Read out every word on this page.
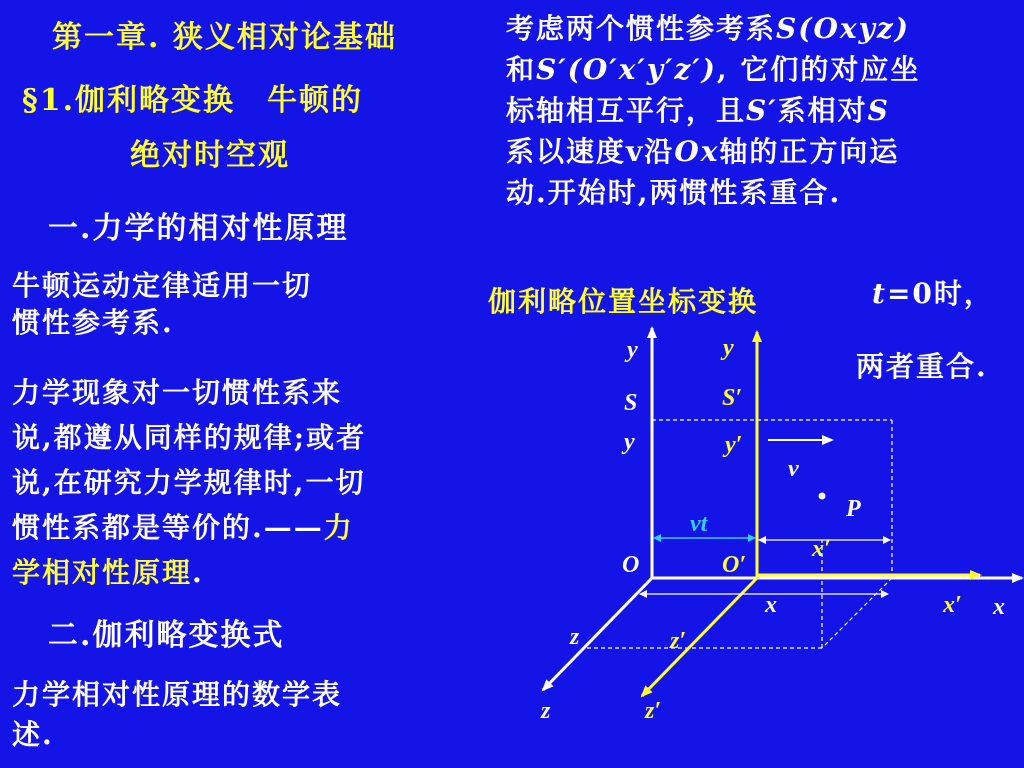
第一章. 狭义相对论基础
§1.伽利略变换　牛顿的
绝对时空观
一.力学的相对性原理
牛顿运动定律适用一切
惯性参考系.
力学现象对一切惯性系来
说,都遵从同样的规律;或者
说,在研究力学规律时,一切
惯性系都是等价的.——力
学相对性原理.
二.伽利略变换式
力学相对性原理的数学表
述.
考虑两个惯性参考系S(Oxyz)
和S′(O′x′y′z′), 它们的对应坐
标轴相互平行，且S′系相对S
系以速度v沿Ox轴的正方向运
动.开始时,两惯性系重合.
伽利略位置坐标变换	t=0时，
两者重合.
y	y
S	S′
y	y′
v
P
vt
x′
O	O′
x	x′ x
z	z′
z	z′
